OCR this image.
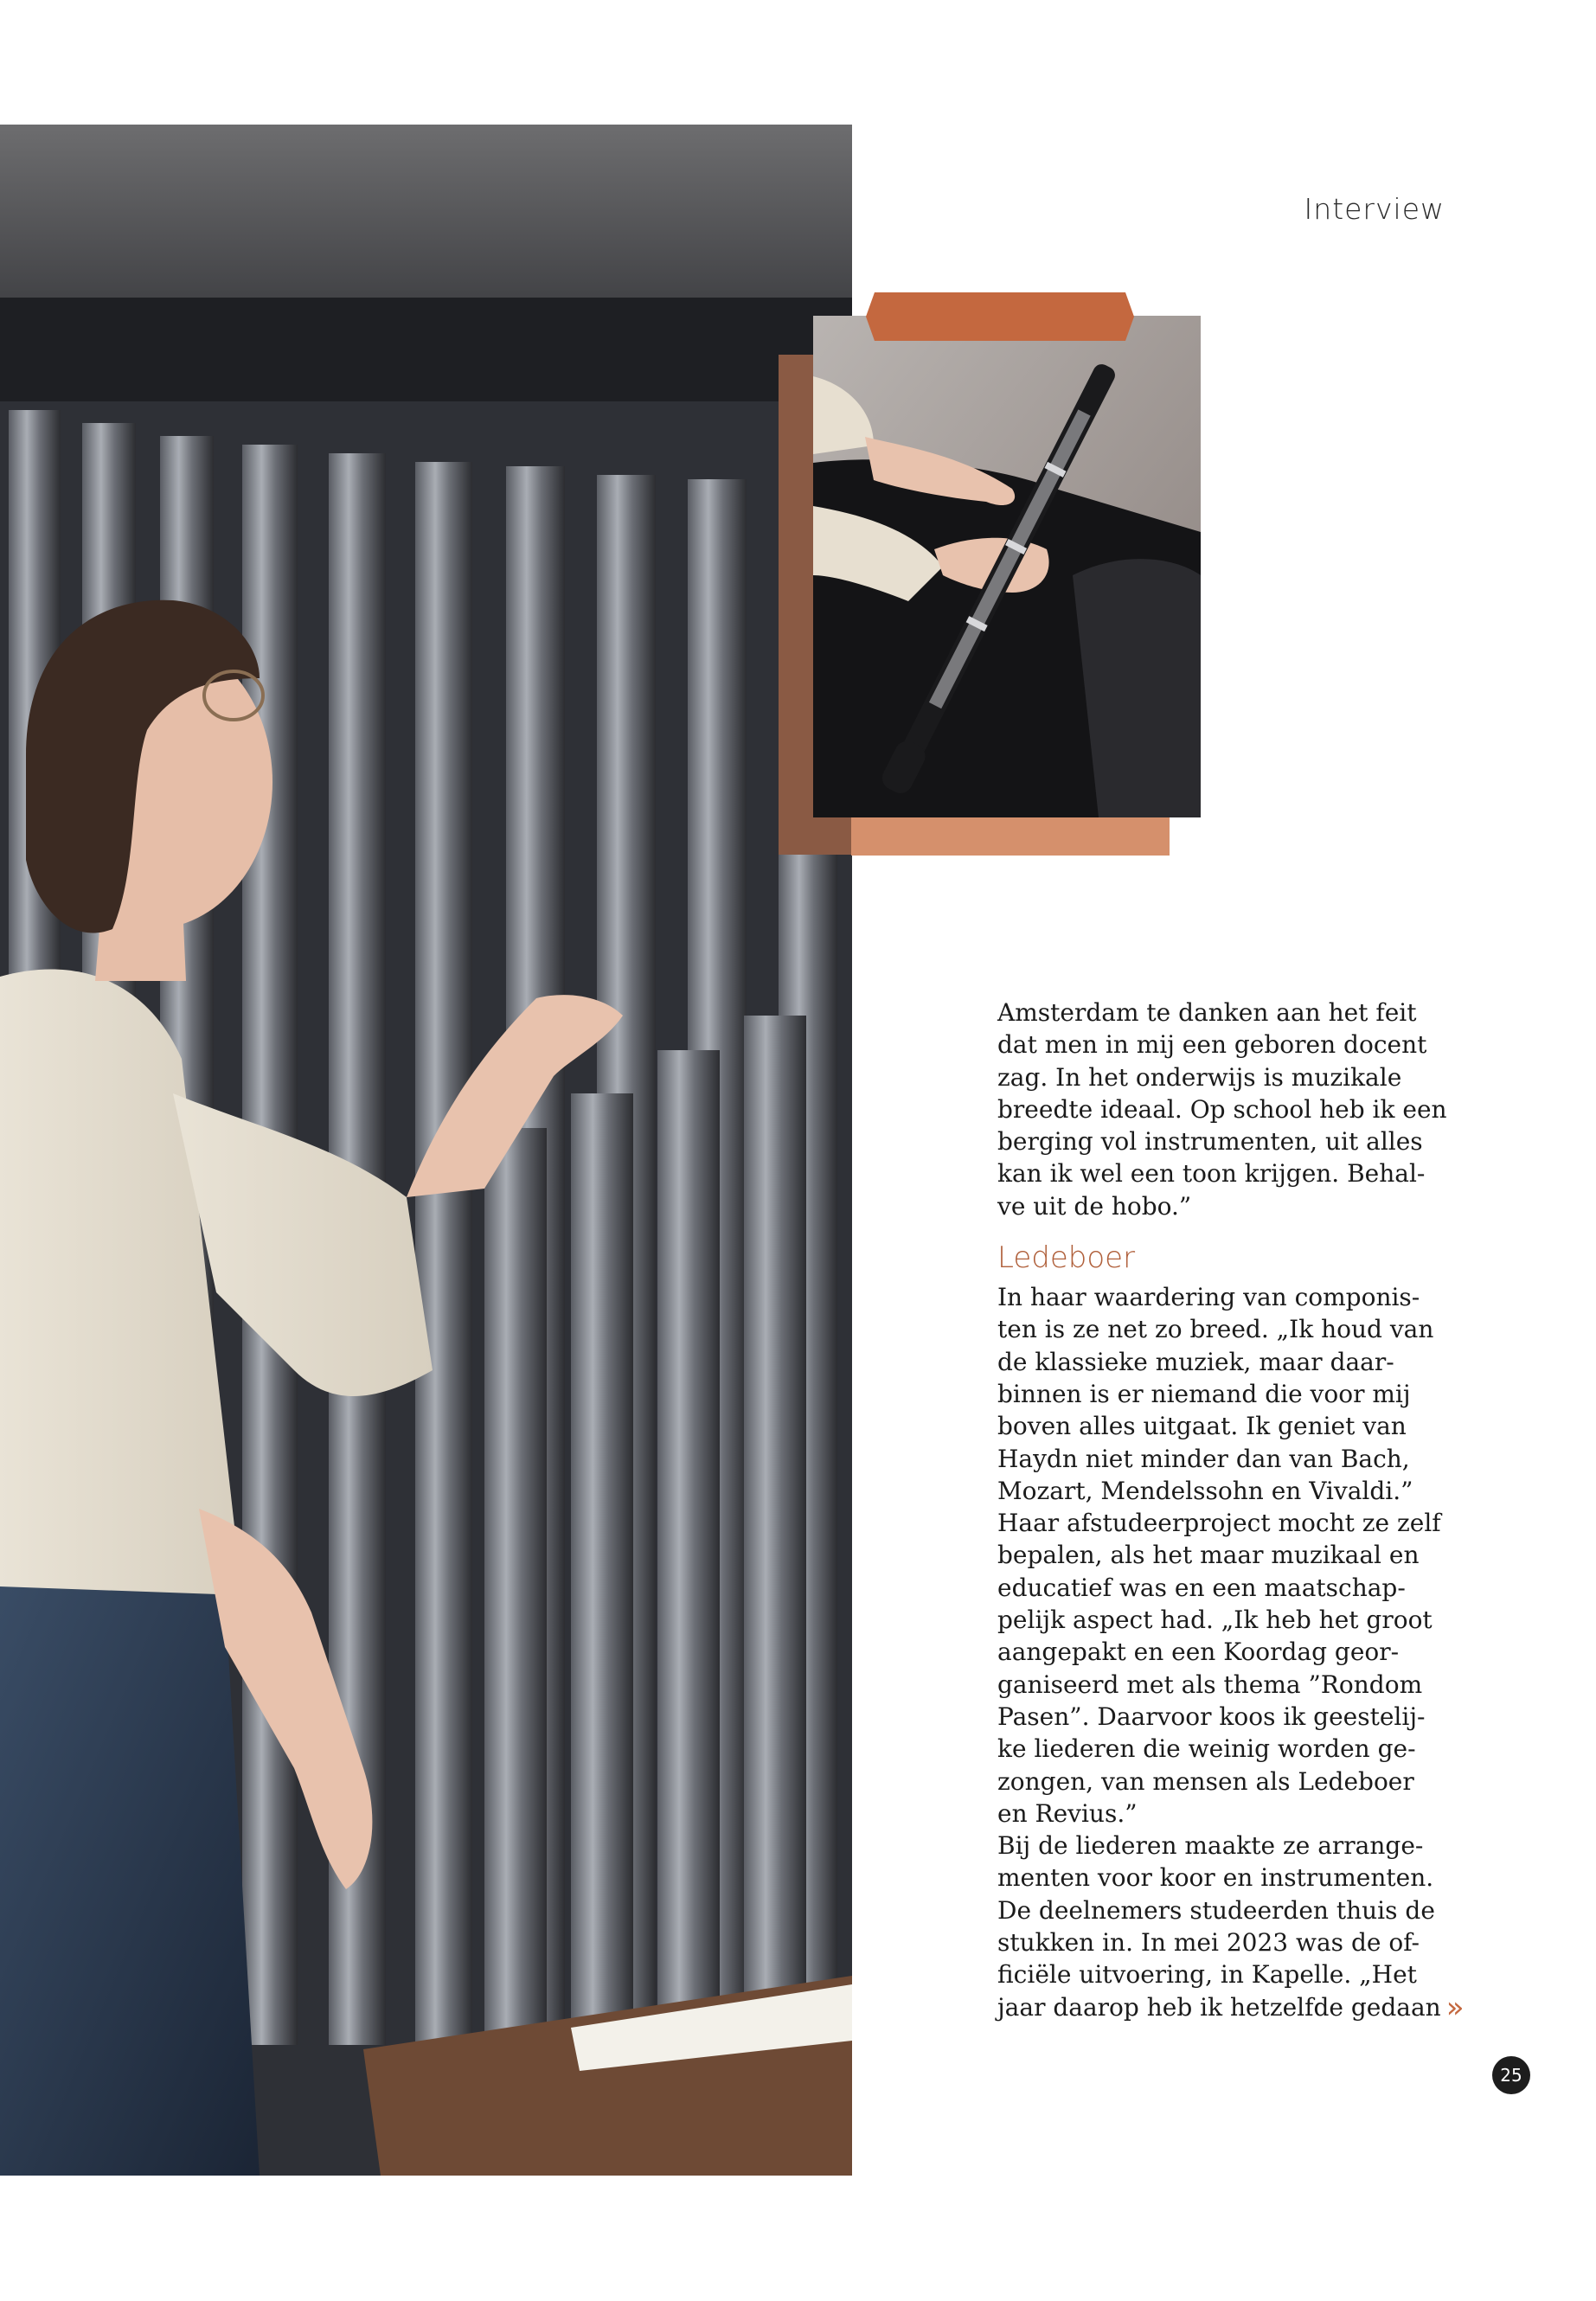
Interview

Amsterdam te danken aan het feit
dat men in mij een geboren docent
zag. In het onderwijs is muzikale
breedte ideaal. Op school heb ik een
berging vol instrumenten, uit alles
kan ik wel een toon krijgen. Behal-
ve uit de hobo.”

Ledeboer

In haar waardering van componis-
ten is ze net zo breed. „Ik houd van
de klassieke muziek, maar daar-
binnen is er niemand die voor mij
boven alles uitgaat. Ik geniet van
Haydn niet minder dan van Bach,
Mozart, Mendelssohn en Vivaldi.”
Haar afstudeerproject mocht ze zelf
bepalen, als het maar muzikaal en
educatief was en een maatschap-
pelijk aspect had. „Ik heb het groot
aangepakt en een Koordag geor-
ganiseerd met als thema ”Rondom
Pasen”. Daarvoor koos ik geestelij-
ke liederen die weinig worden ge-
zongen, van mensen als Ledeboer
en Revius.”
Bij de liederen maakte ze arrange-
menten voor koor en instrumenten.
De deelnemers studeerden thuis de
stukken in. In mei 2023 was de of-
ficiële uitvoering, in Kapelle. „Het
jaar daarop heb ik hetzelfde gedaan »

25
